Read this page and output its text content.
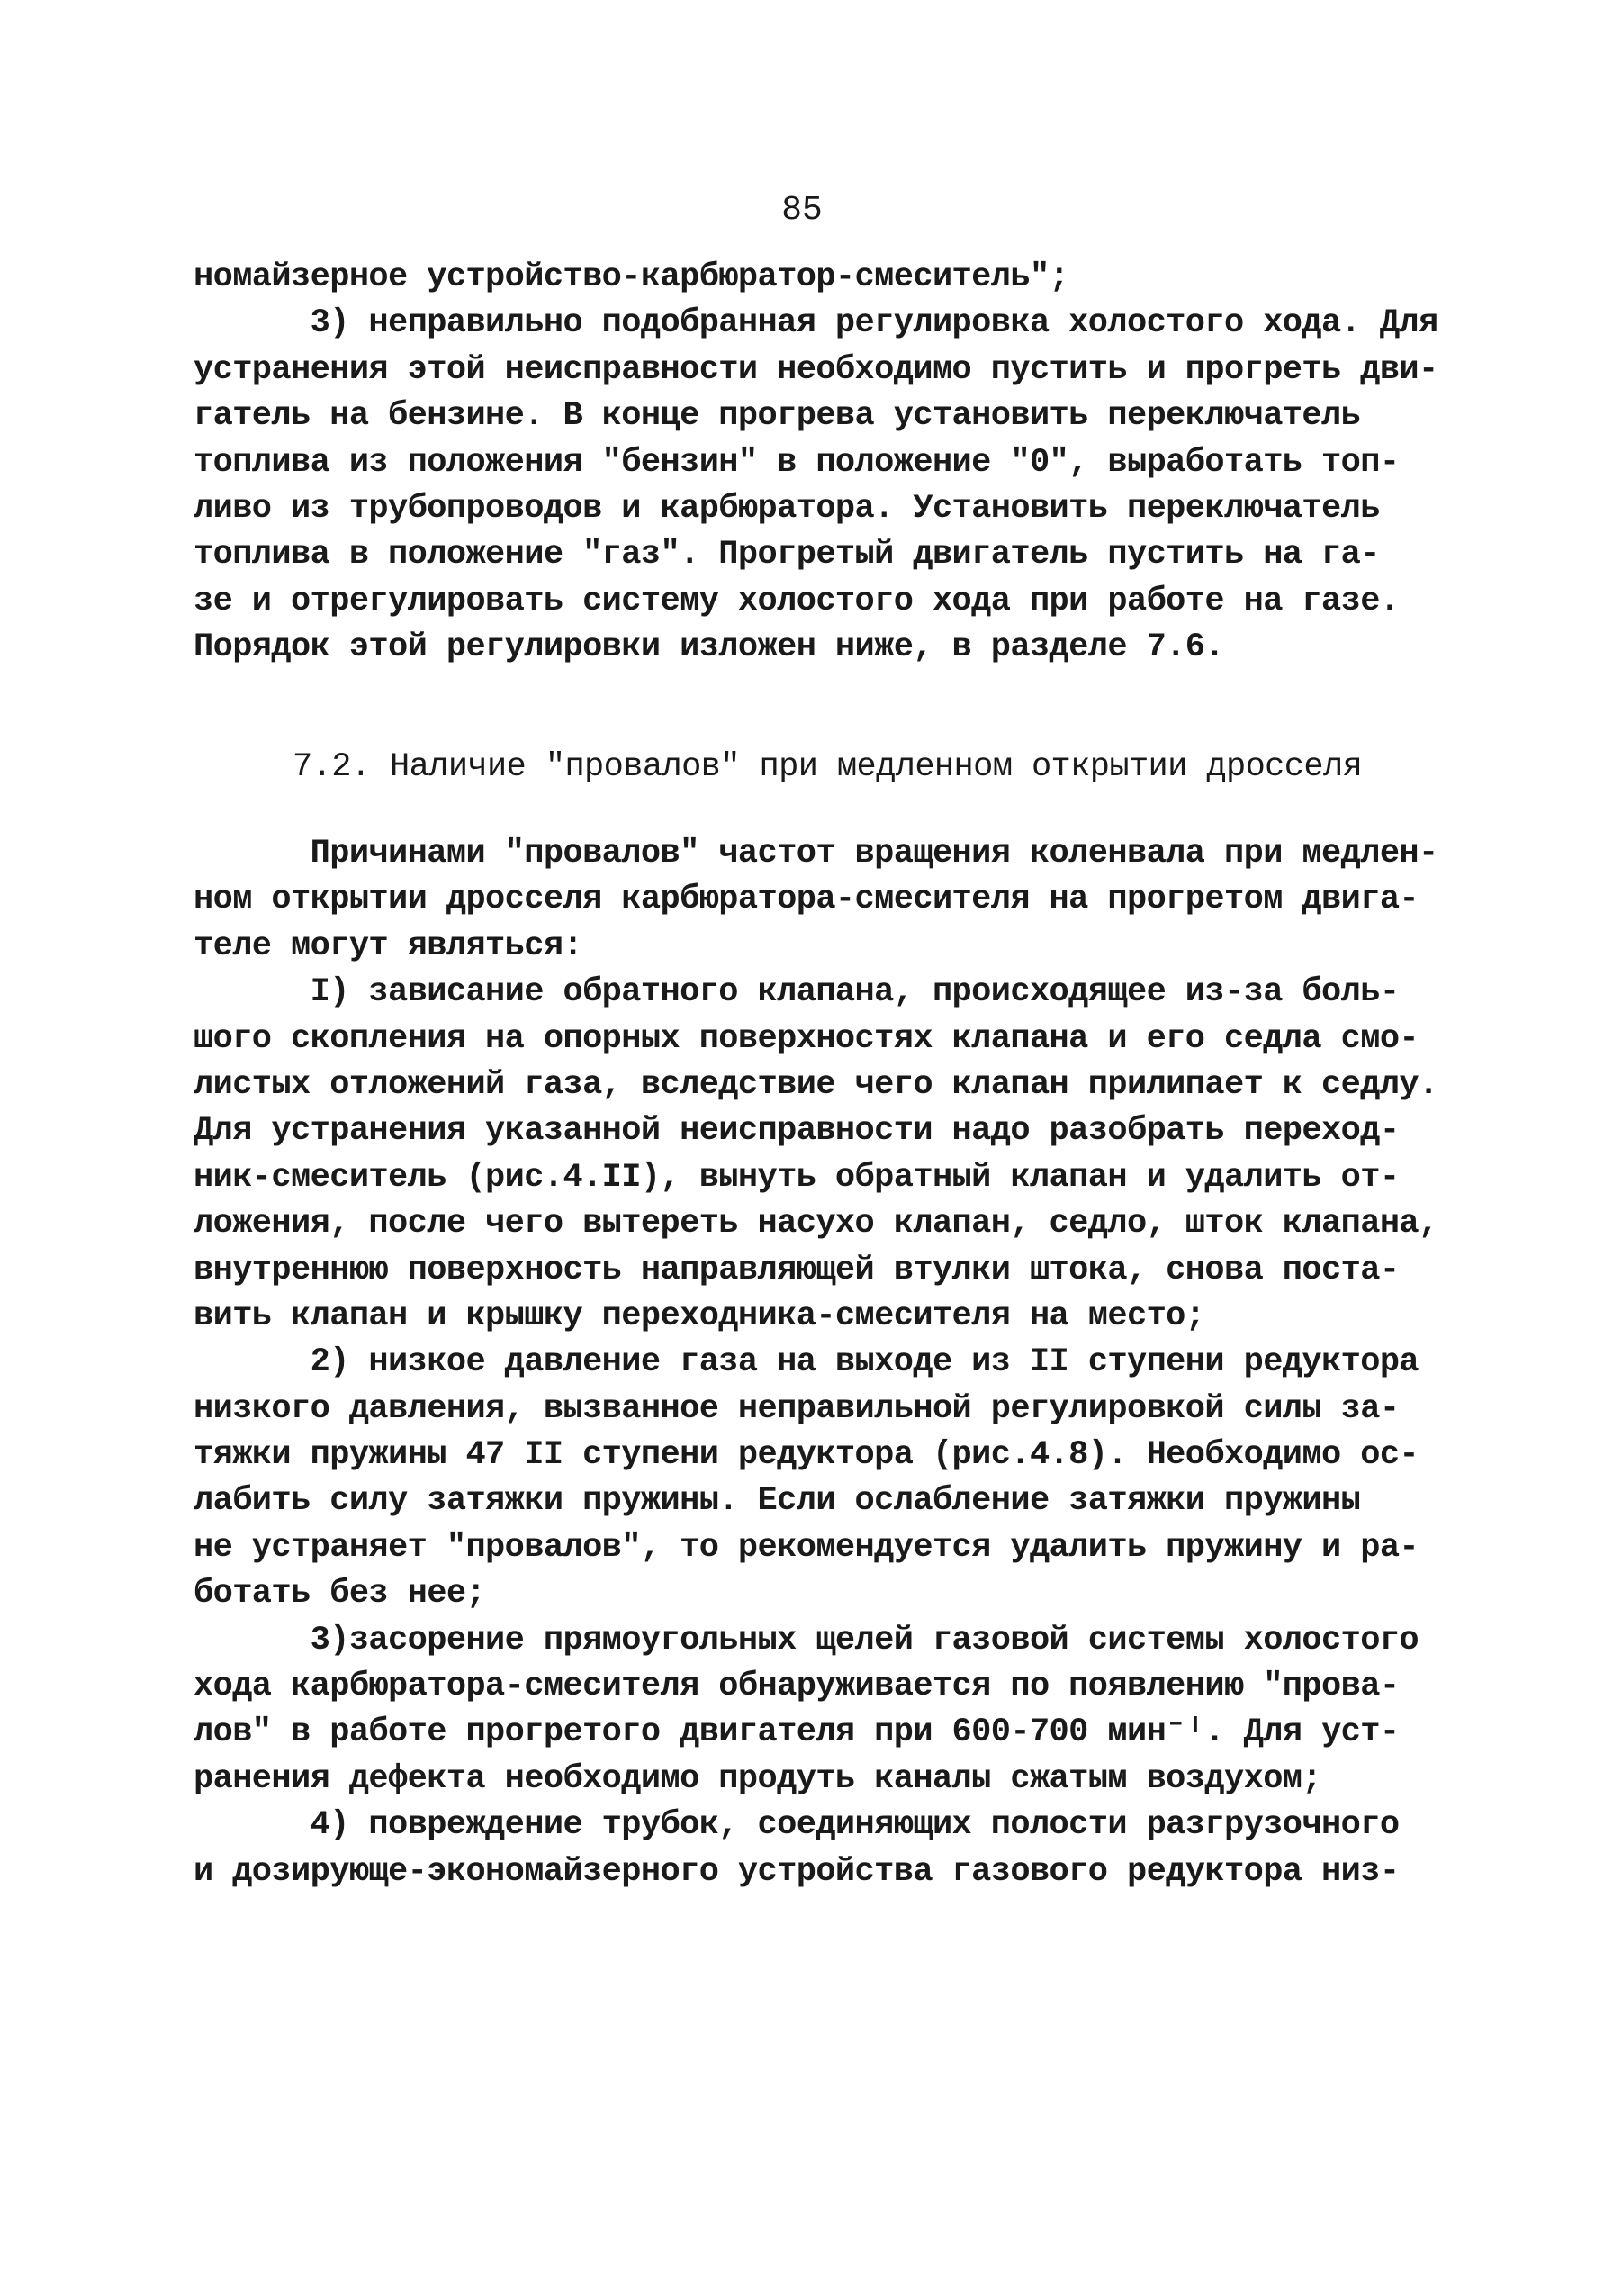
85
нoмайзерное устройство-карбюратор-смеситель";
3) неправильно подобранная регулировка холостого хода. Для
устранения этой неисправности необходимо пустить и прогреть дви-
гатель на бензине. В конце прогрева установить переключатель
топлива из положения "бензин" в положение "0", выработать топ-
ливо из трубопроводов и карбюратора. Установить переключатель
топлива в положение "газ". Прогретый двигатель пустить на га-
зе и отрегулировать систему холостого хода при работе на газе.
Порядок этой регулировки изложен ниже, в разделе 7.6.
7.2. Наличие "провалов" при медленном открытии дросселя
Причинами "провалов" частот вращения коленвала при медлен-
ном открытии дросселя карбюратора-смесителя на прогретом двига-
теле могут являться:
I) зависание обратного клапана, происходящее из-за боль-
шого скопления на опорных поверхностях клапана и его седла смо-
листых отложений газа, вследствие чего клапан прилипает к седлу.
Для устранения указанной неисправности надо разобрать переход-
ник-смеситель (рис.4.II), вынуть обратный клапан и удалить от-
ложения, после чего вытереть насухо клапан, седло, шток клапана,
внутреннюю поверхность направляющей втулки штока, снова поста-
вить клапан и крышку переходника-смесителя на место;
2) низкое давление газа на выходе из II ступени редуктора
низкого давления, вызванное неправильной регулировкой силы за-
тяжки пружины 47 II ступени редуктора (рис.4.8). Необходимо ос-
лабить силу затяжки пружины. Если ослабление затяжки пружины
не устраняет "провалов", то рекомендуется удалить пружину и ра-
ботать без нее;
3)засорение прямоугольных щелей газовой системы холостого
хода карбюратора-смесителя обнаруживается по появлению "прова-
лов" в работе прогретого двигателя при 600-700 мин⁻ᴵ. Для уст-
ранения дефекта необходимо продуть каналы сжатым воздухом;
4) повреждение трубок, соединяющих полости разгрузочного
и дозирующе-экономайзерного устройства газового редуктора низ-
